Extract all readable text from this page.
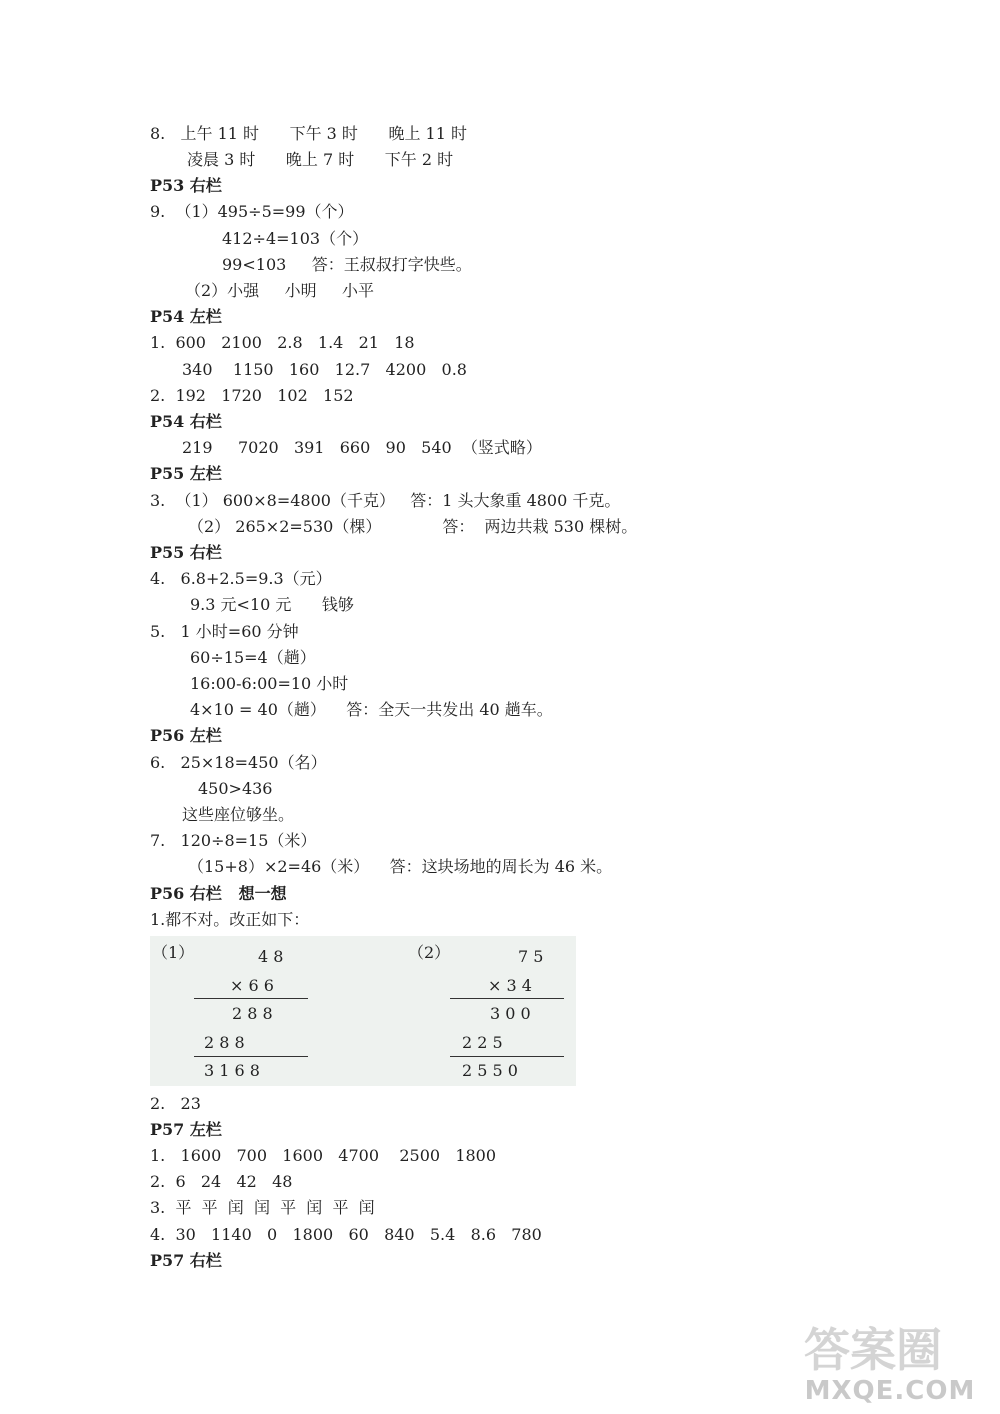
8.   上午 11 时      下午 3 时      晚上 11 时
凌晨 3 时      晚上 7 时      下午 2 时
P53 右栏
9.  （1）495÷5=99（个）
412÷4=103（个）
99<103     答：王叔叔打字快些。
（2）小强     小明     小平
P54 左栏
1.  600   2100   2.8   1.4   21   18
340    1150   160   12.7   4200   0.8
2.  192   1720   102   152
P54 右栏
219     7020   391   660   90   540  （竖式略）
P55 左栏
3.  （1） 600×8=4800（千克）   答：1 头大象重 4800 千克。
（2） 265×2=530（棵）            答：  两边共栽 530 棵树。
P55 右栏
4.   6.8+2.5=9.3（元）
9.3 元<10 元      钱够
5.   1 小时=60 分钟
60÷15=4（趟）
16:00-6:00=10 小时
4×10 = 40（趟）    答：全天一共发出 40 趟车。
P56 左栏
6.   25×18=450（名）
450>436
这些座位够坐。
7.   120÷8=15（米）
（15+8）×2=46（米）    答：这块场地的周长为 46 米。
P56 右栏   想一想
1.都不对。改正如下：
（1）	4 8
× 6 6
2 8 8
2 8 8
3 1 6 8
（2）	7 5
× 3 4
3 0 0
2 2 5
2 5 5 0
2.   23
P57 左栏
1.   1600   700   1600   4700    2500   1800
2.  6   24   42   48
3.  平  平  闰  闰  平  闰  平  闰
4.  30   1140   0   1800   60   840   5.4   8.6   780
P57 右栏
答案圈
MXQE.COM
